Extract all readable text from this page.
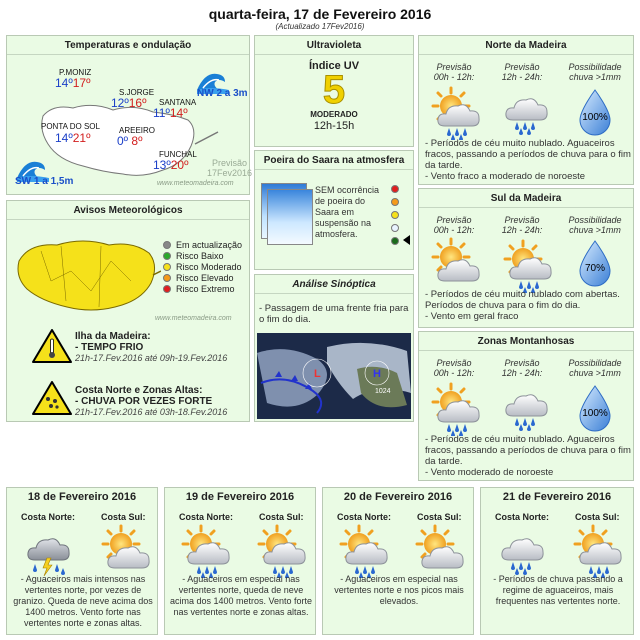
quarta-feira, 17 de Fevereiro 2016
(Actualizado 17Fev2016)
Temperaturas e ondulação
NW 2 a 3m
SW 1 a 1,5m
P.MONIZ
14º17º
S.JORGE
12º16º SANTANA
11º14º
PONTA DO SOL
14º21º
AREEIRO
0º 8º
FUNCHAL
13º20º	Previsão
17Fev2016
www.meteomadeira.com
Avisos Meteorológicos
Em actualização
Risco Baixo
Risco Moderado
Risco Elevado
Risco Extremo
www.meteomadeira.com
Ilha da Madeira:
- TEMPO FRIO
21h-17.Fev.2016 até 09h-19.Fev.2016
Costa Norte e Zonas Altas:
- CHUVA POR VEZES FORTE
21h-17.Fev.2016 até 03h-18.Fev.2016
Ultravioleta
Índice UV
5
MODERADO
12h-15h
Poeira do Saara na atmosfera
SEM ocorrência de poeira do Saara em suspensão na atmosfera.
Análise Sinóptica
- Passagem de uma frente fria para o fim do dia.
L	H
1024
Norte da Madeira
Previsão
00h - 12h:
Previsão
12h - 24h:
Possibilidade
chuva >1mm
100%
- Períodos de céu muito nublado. Aguaceiros fracos, passando a períodos de chuva para o fim da tarde.
- Vento fraco a moderado de noroeste
Sul da Madeira
Previsão
00h - 12h:
Previsão
12h - 24h:
Possibilidade
chuva >1mm
70%
- Períodos de céu muito nublado com abertas. Períodos de chuva para o fim do dia.
- Vento em geral fraco
Zonas Montanhosas
Previsão
00h - 12h:
Previsão
12h - 24h:
Possibilidade
chuva >1mm
100%
- Períodos de céu muito nublado. Aguaceiros fracos, passando a períodos de chuva para o fim da tarde.
- Vento moderado de noroeste
18 de Fevereiro 2016
Costa Norte:	Costa Sul:
- Aguaceiros mais intensos nas vertentes norte, por vezes de granizo. Queda de neve acima dos 1400 metros. Vento forte nas vertentes norte e zonas altas.
19 de Fevereiro 2016
Costa Norte:	Costa Sul:
- Aguaceiros em especial nas vertentes norte, queda de neve acima dos 1400 metros. Vento forte nas vertentes norte e zonas altas.
20 de Fevereiro 2016
Costa Norte:	Costa Sul:
- Aguaceiros em especial nas vertentes norte e nos picos mais elevados.
21 de Fevereiro 2016
Costa Norte:	Costa Sul:
- Períodos de chuva passando a regime de aguaceiros, mais frequentes nas vertentes norte.
